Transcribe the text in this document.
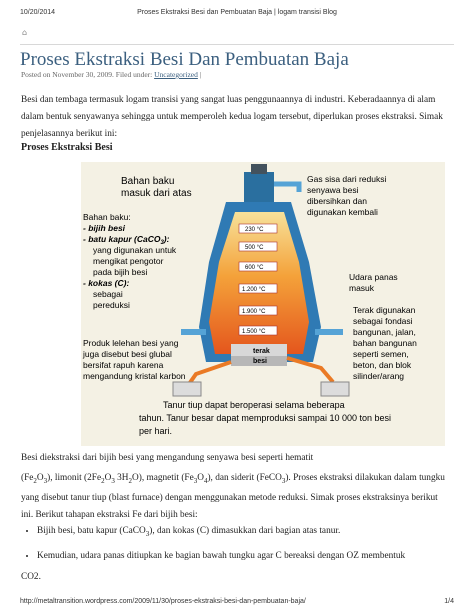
10/20/2014	Proses Ekstraksi Besi dan Pembuatan Baja | logam transisi Blog
⌂
Proses Ekstraksi Besi Dan Pembuatan Baja
Posted on November 30, 2009. Filed under: Uncategorized |
Besi dan tembaga termasuk logam transisi yang sangat luas penggunaannya di industri. Keberadaannya di alam dalam bentuk senyawanya sehingga untuk memperoleh kedua logam tersebut, diperlukan proses ekstraksi. Simak penjelasannya berikut ini:
Proses Ekstraksi Besi
terak
besi
230 °C
500 °C
600 °C
1.200 °C
1.900 °C
1.500 °C
Bahan baku
masuk dari atas
Gas sisa dari reduksi
senyawa besi
dibersihkan dan
digunakan kembali
Bahan baku:
- bijih besi
- batu kapur (CaCO$_3$):
yang digunakan untuk
mengikat pengotor
pada bijih besi
- kokas (C):
sebagai
pereduksi
Udara panas
masuk
Produk lelehan besi yang
juga disebut besi glubal
bersifat rapuh karena
mengandung kristal karbon
Terak digunakan
sebagai fondasi
bangunan, jalan,
bahan bangunan
seperti semen,
beton, dan blok
silinder/arang
Tanur tiup dapat beroperasi selama beberapa
tahun. Tanur besar dapat memproduksi sampai 10 000 ton besi
per hari.
Besi diekstraksi dari bijih besi yang mengandung senyawa besi seperti hematit
$(Fe_2O_3)$, limonit ($2Fe_2O_3$ $3H_2O$), magnetit $(Fe_3O_4)$, dan siderit (FeCO$_3$). Proses ekstraksi dilakukan dalam tungku yang disebut tanur tiup (blast furnace) dengan menggunakan metode reduksi. Simak proses ekstraksinya berikut ini. Berikut tahapan ekstraksi Fe dari bijih besi:
• Bijih besi, batu kapur (CaCO$_3$), dan kokas (C) dimasukkan dari bagian atas tanur.
• Kemudian, udara panas ditiupkan ke bagian bawah tungku agar C bereaksi dengan OZ membentuk
CO2.
http://metaltransition.wordpress.com/2009/11/30/proses-ekstraksi-besi-dan-pembuatan-baja/	1/4
